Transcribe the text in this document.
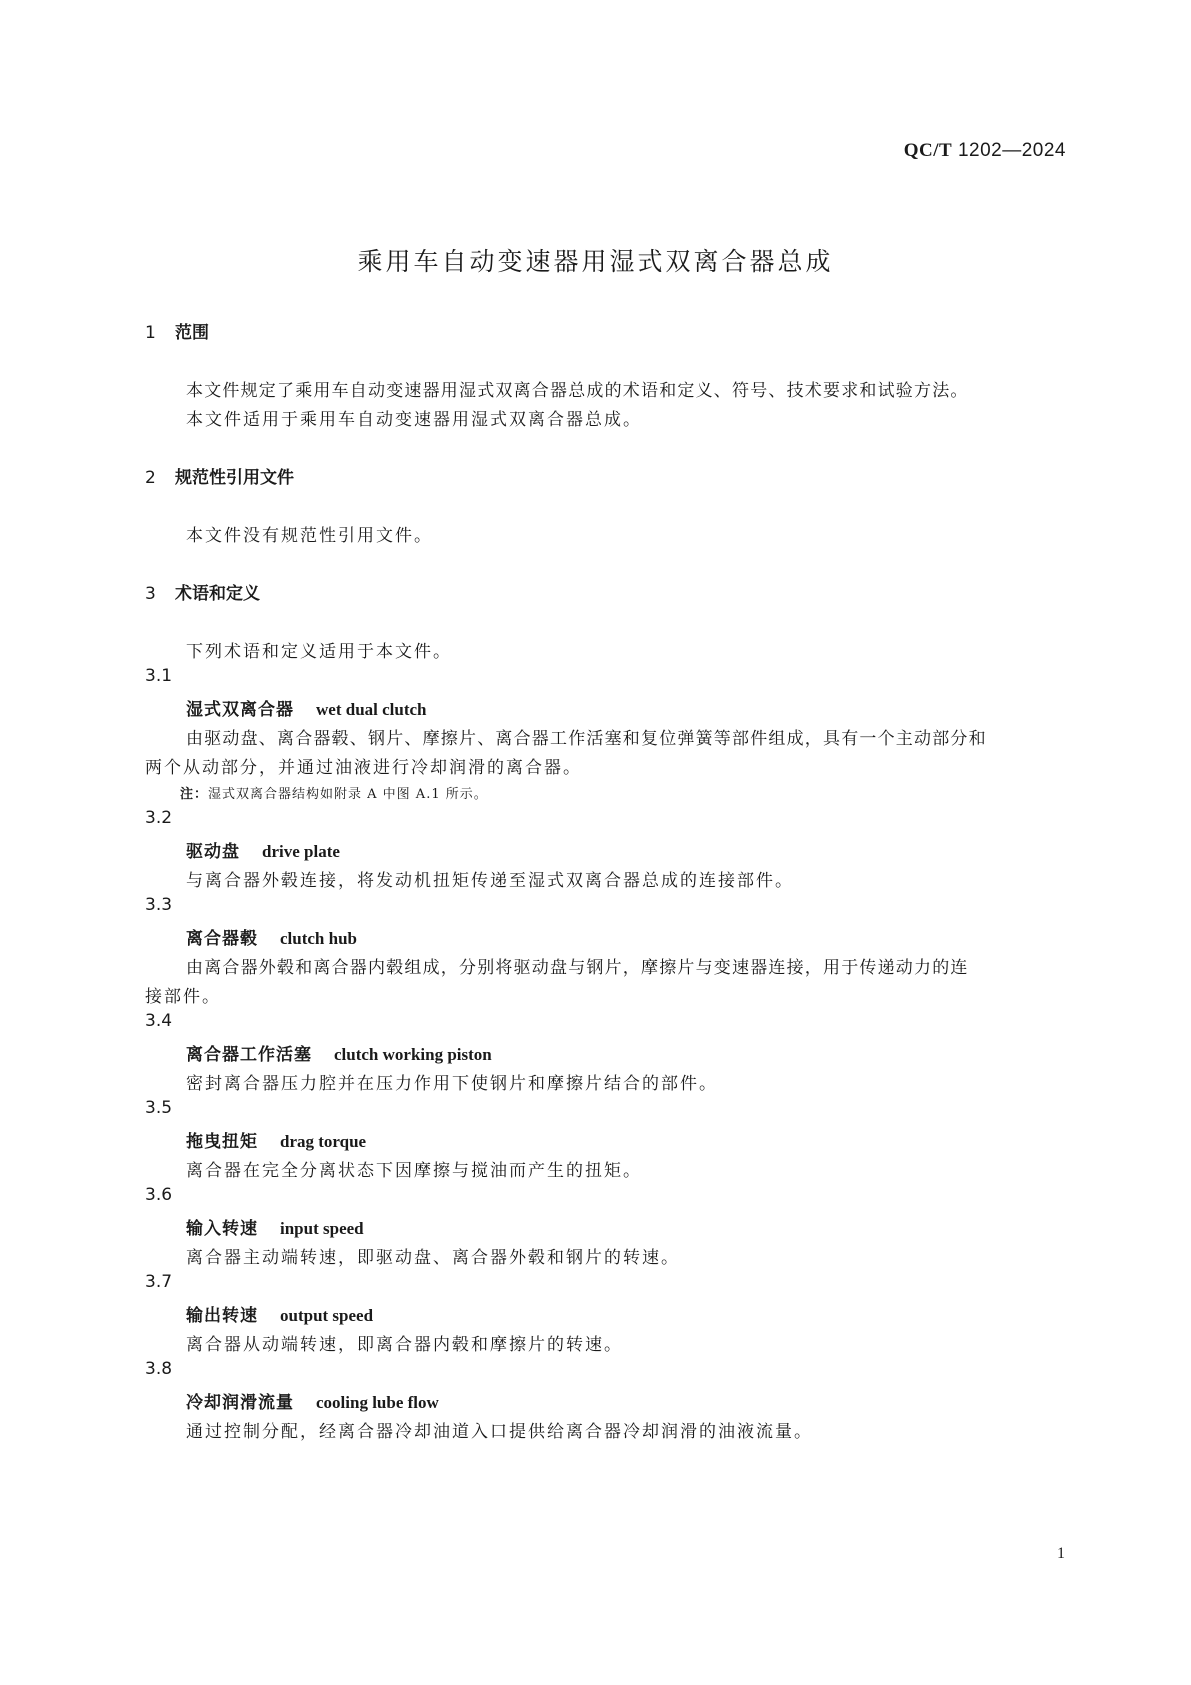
QC/T 1202—2024
乘用车自动变速器用湿式双离合器总成
1 范围
本文件规定了乘用车自动变速器用湿式双离合器总成的术语和定义、符号、技术要求和试验方法。
本文件适用于乘用车自动变速器用湿式双离合器总成。
2 规范性引用文件
本文件没有规范性引用文件。
3 术语和定义
下列术语和定义适用于本文件。
3.1
湿式双离合器 wet dual clutch
由驱动盘、离合器毂、钢片、摩擦片、离合器工作活塞和复位弹簧等部件组成，具有一个主动部分和
两个从动部分，并通过油液进行冷却润滑的离合器。
注：湿式双离合器结构如附录 A 中图 A.1 所示。
3.2
驱动盘 drive plate
与离合器外毂连接，将发动机扭矩传递至湿式双离合器总成的连接部件。
3.3
离合器毂 clutch hub
由离合器外毂和离合器内毂组成，分别将驱动盘与钢片，摩擦片与变速器连接，用于传递动力的连
接部件。
3.4
离合器工作活塞 clutch working piston
密封离合器压力腔并在压力作用下使钢片和摩擦片结合的部件。
3.5
拖曳扭矩 drag torque
离合器在完全分离状态下因摩擦与搅油而产生的扭矩。
3.6
输入转速 input speed
离合器主动端转速，即驱动盘、离合器外毂和钢片的转速。
3.7
输出转速 output speed
离合器从动端转速，即离合器内毂和摩擦片的转速。
3.8
冷却润滑流量 cooling lube flow
通过控制分配，经离合器冷却油道入口提供给离合器冷却润滑的油液流量。
1
